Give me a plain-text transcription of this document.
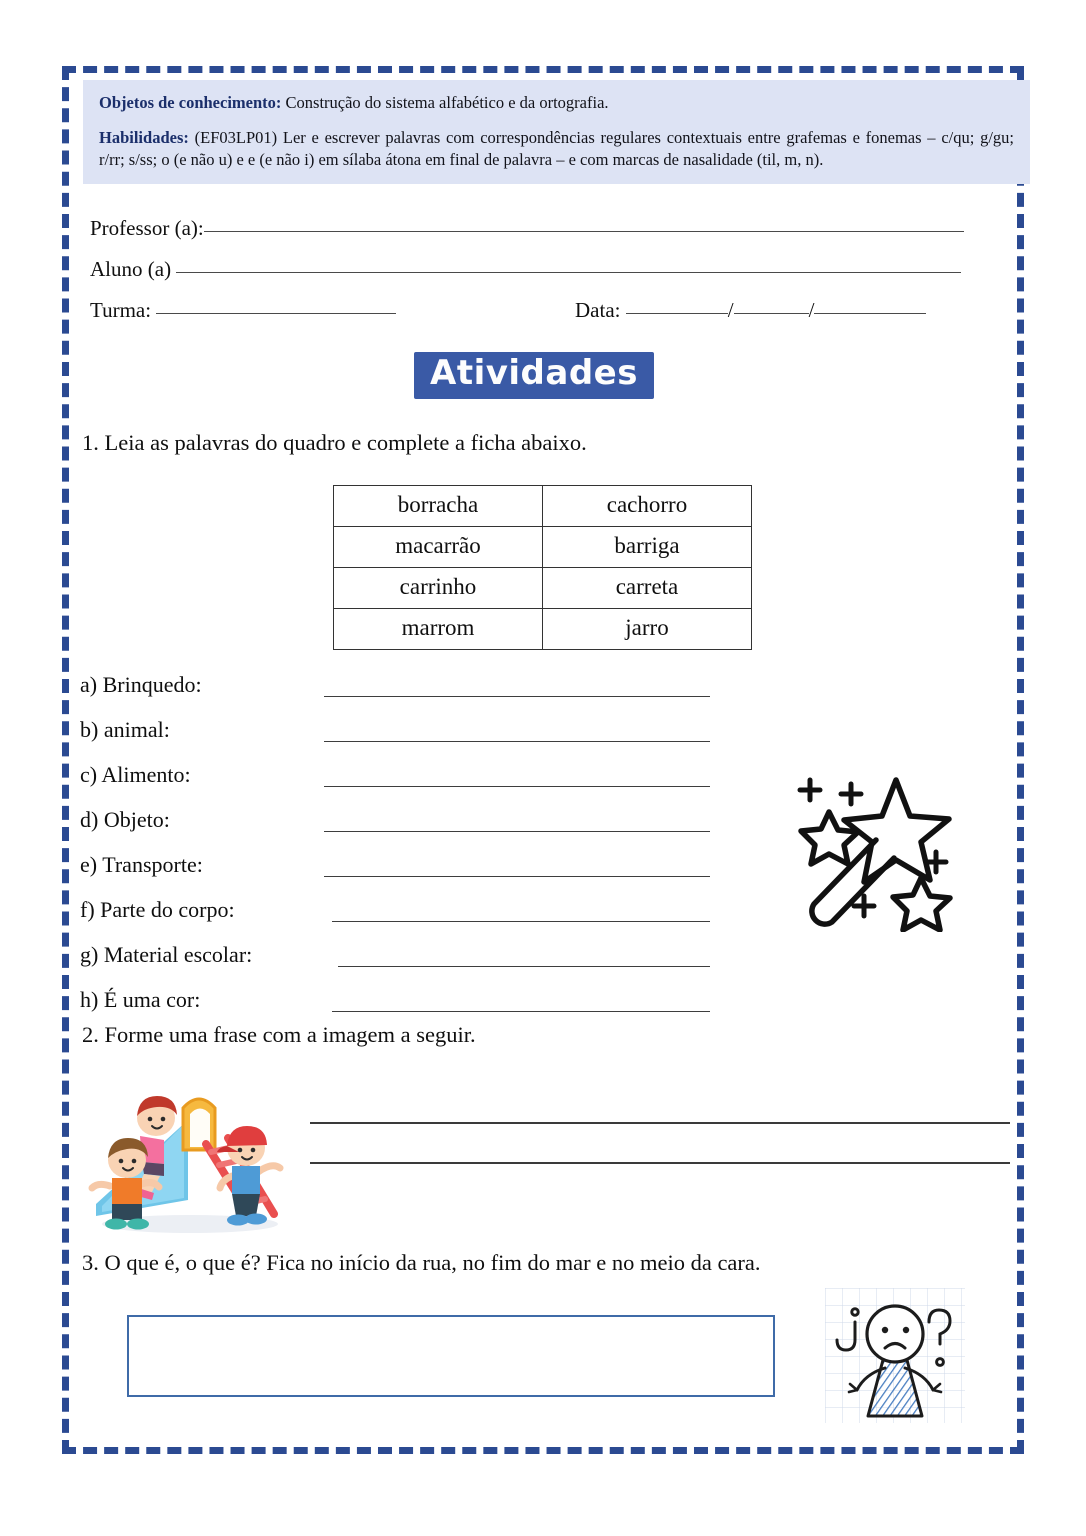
Objetos de conhecimento: Construção do sistema alfabético e da ortografia.
Habilidades: (EF03LP01) Ler e escrever palavras com correspondências regulares contextuais entre grafemas e fonemas – c/qu; g/gu; r/rr; s/ss; o (e não u) e e (e não i) em sílaba átona em final de palavra – e com marcas de nasalidade (til, m, n).
Professor (a):
Aluno (a)
Turma:	Data:	/	/
Atividades
1. Leia as palavras do quadro e complete a ficha abaixo.
borracha	cachorro
macarrão	barriga
carrinho	carreta
marrom	jarro
a) Brinquedo:
b) animal:
c) Alimento:
d) Objeto:
e) Transporte:
f) Parte do corpo:
g) Material escolar:
h) É uma cor:
2. Forme uma frase com a imagem a seguir.
3. O que é, o que é? Fica no início da rua, no fim do mar e no meio da cara.
